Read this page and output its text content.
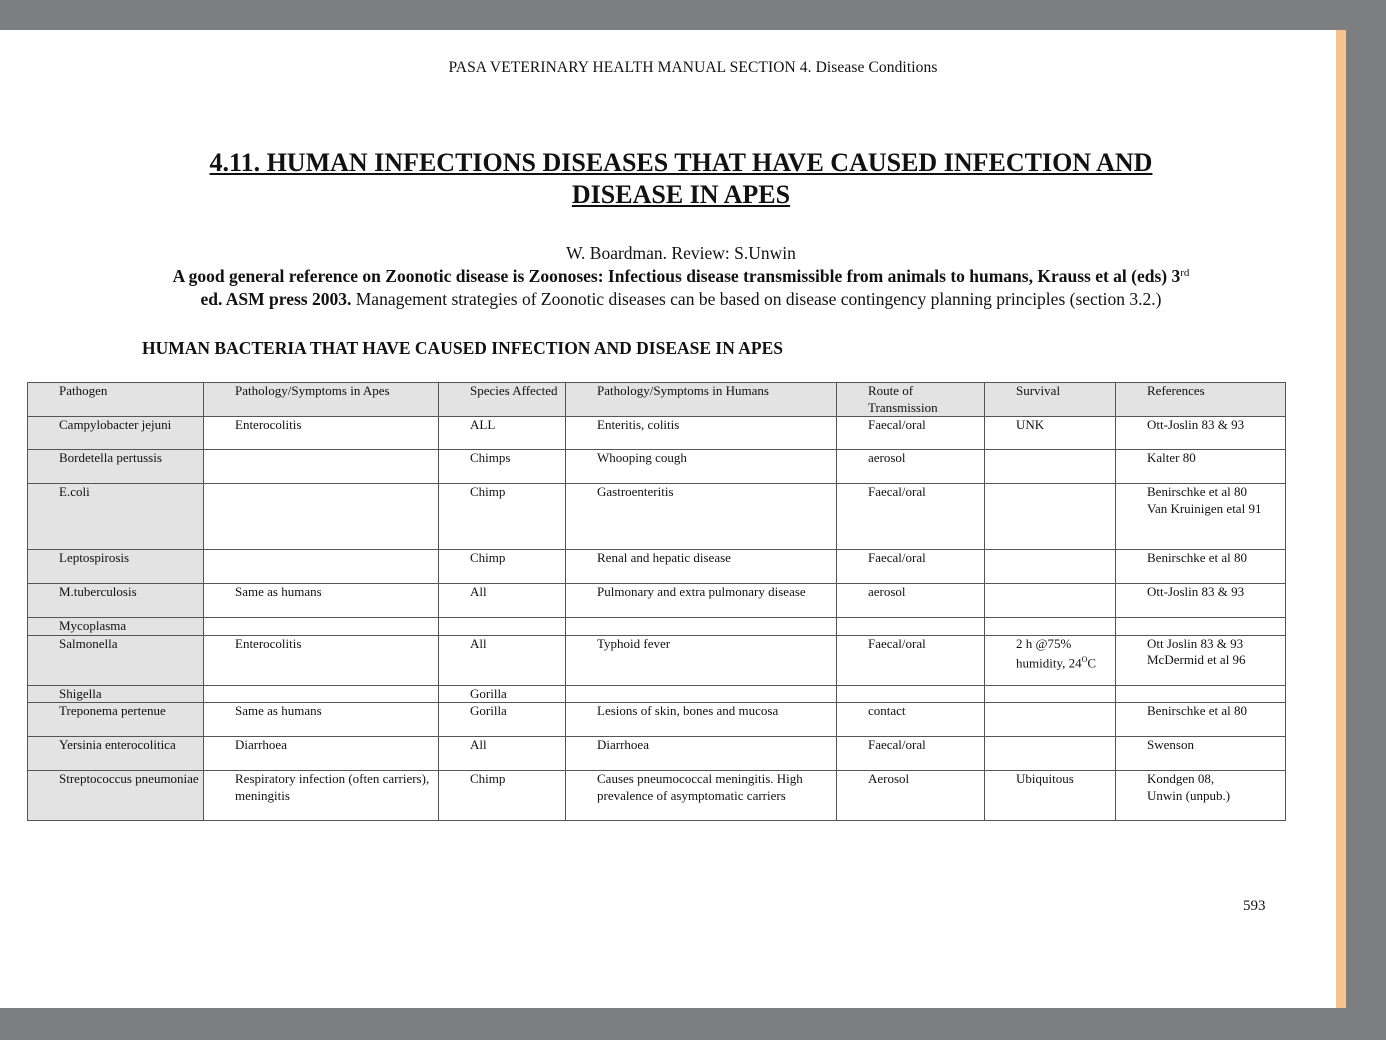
PASA VETERINARY HEALTH MANUAL SECTION 4. Disease Conditions
4.11. HUMAN INFECTIONS DISEASES THAT HAVE CAUSED INFECTION AND
DISEASE IN APES
W. Boardman. Review: S.Unwin
A good general reference on Zoonotic disease is Zoonoses: Infectious disease transmissible from animals to humans, Krauss et al (eds) 3rd
ed. ASM press 2003. Management strategies of Zoonotic diseases can be based on disease contingency planning principles (section 3.2.)
HUMAN BACTERIA THAT HAVE CAUSED INFECTION AND DISEASE IN APES
Pathogen	Pathology/Symptoms in Apes	Species Affected	Pathology/Symptoms in Humans	Route of Transmission	Survival	References
Campylobacter jejuni	Enterocolitis	ALL	Enteritis, colitis	Faecal/oral	UNK	Ott-Joslin 83 & 93
Bordetella pertussis		Chimps	Whooping cough	aerosol		Kalter 80
E.coli		Chimp	Gastroenteritis	Faecal/oral		Benirschke et al 80
Van Kruinigen etal 91
Leptospirosis		Chimp	Renal and hepatic disease	Faecal/oral		Benirschke et al 80
M.tuberculosis	Same as humans	All	Pulmonary and extra pulmonary disease	aerosol		Ott-Joslin 83 & 93
Mycoplasma						
Salmonella	Enterocolitis	All	Typhoid fever	Faecal/oral	2 h @75% humidity, $24^OC$	Ott Joslin 83 & 93
McDermid et al 96
Shigella		Gorilla				
Treponema pertenue	Same as humans	Gorilla	Lesions of skin, bones and mucosa	contact		Benirschke et al 80
Yersinia enterocolitica	Diarrhoea	All	Diarrhoea	Faecal/oral		Swenson
Streptococcus pneumoniae	Respiratory infection (often carriers), meningitis	Chimp	Causes pneumococcal meningitis. High prevalence of asymptomatic carriers	Aerosol	Ubiquitous	Kondgen 08,
Unwin (unpub.)
593
